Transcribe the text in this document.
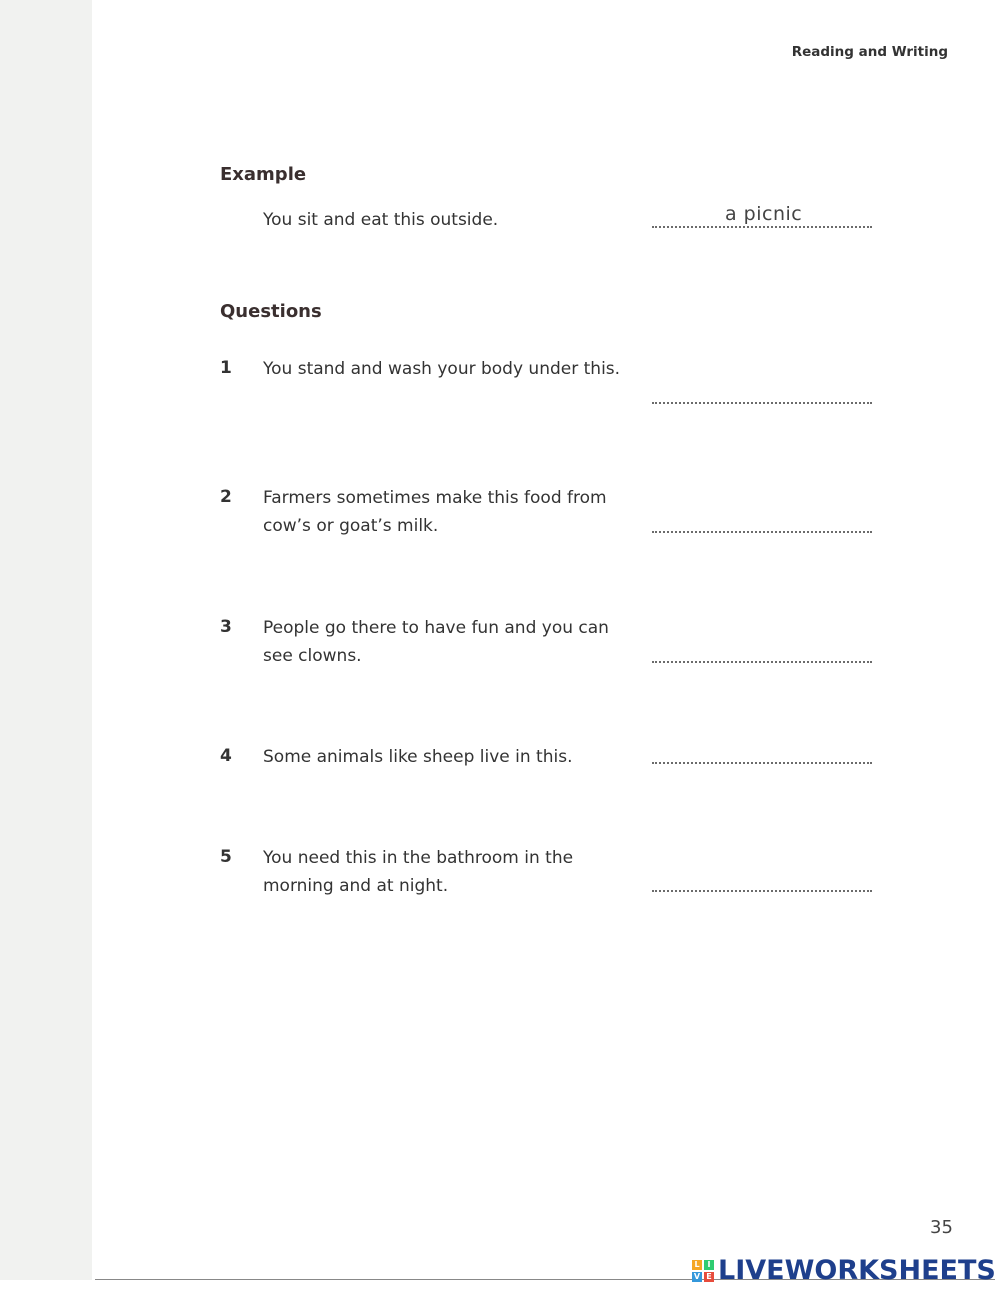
Reading and Writing
Example
You sit and eat this outside.	a picnic
Questions
1 You stand and wash your body under this.
2 Farmers sometimes make this food from cow’s or goat’s milk.
3 People go there to have fun and you can see clowns.
4 Some animals like sheep live in this.
5 You need this in the bathroom in the morning and at night.
35
L I
V E LIVEWORKSHEETS
